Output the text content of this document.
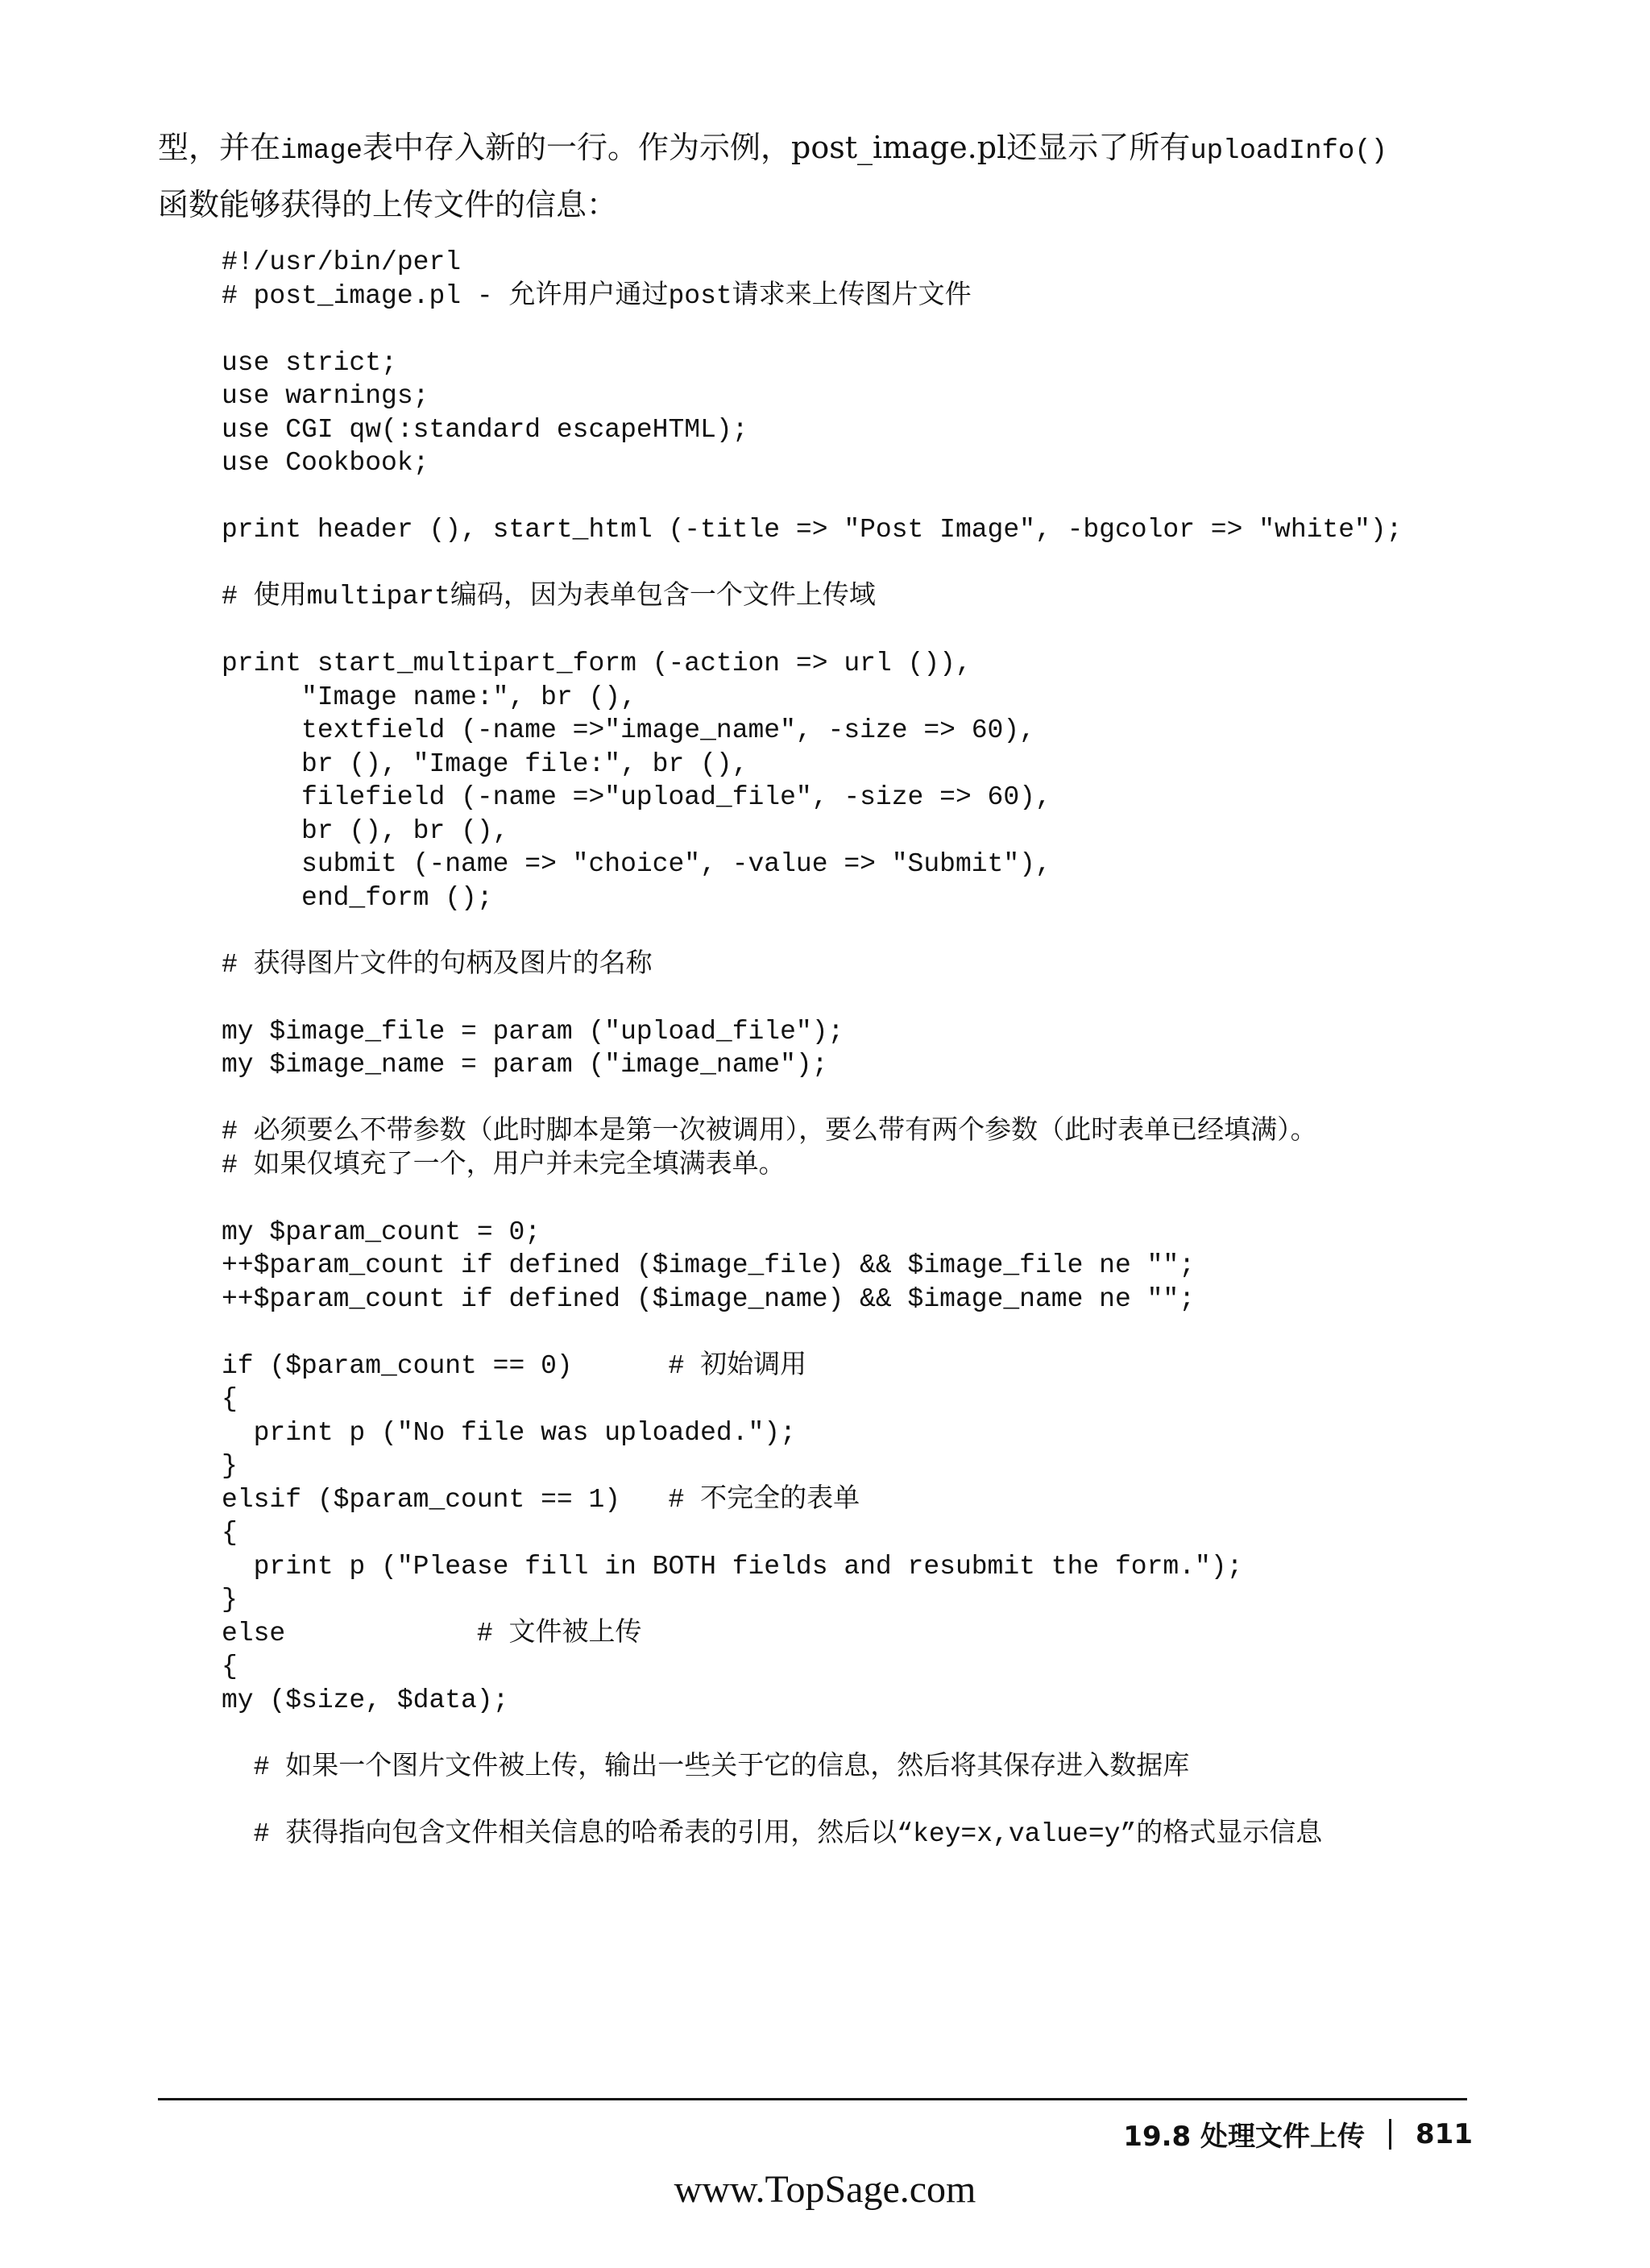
型，并在image表中存入新的一行。作为示例，post_image.pl还显示了所有uploadInfo()
函数能够获得的上传文件的信息：

#!/usr/bin/perl
# post_image.pl - 允许用户通过post请求来上传图片文件

use strict;
use warnings;
use CGI qw(:standard escapeHTML);
use Cookbook;

print header (), start_html (-title => "Post Image", -bgcolor => "white");

# 使用multipart编码，因为表单包含一个文件上传域

print start_multipart_form (-action => url ()),
"Image name:", br (),
textfield (-name =>"image_name", -size => 60),
br (), "Image file:", br (),
filefield (-name =>"upload_file", -size => 60),
br (), br (),
submit (-name => "choice", -value => "Submit"),
end_form ();

# 获得图片文件的句柄及图片的名称

my $image_file = param ("upload_file");
my $image_name = param ("image_name");

# 必须要么不带参数（此时脚本是第一次被调用），要么带有两个参数（此时表单已经填满）。
# 如果仅填充了一个，用户并未完全填满表单。

my $param_count = 0;
++$param_count if defined ($image_file) && $image_file ne "";
++$param_count if defined ($image_name) && $image_name ne "";

if ($param_count == 0)      # 初始调用
{
print p ("No file was uploaded.");
}
elsif ($param_count == 1)   # 不完全的表单
{
print p ("Please fill in BOTH fields and resubmit the form.");
}
else            # 文件被上传
{
my ($size, $data);

# 如果一个图片文件被上传，输出一些关于它的信息，然后将其保存进入数据库

# 获得指向包含文件相关信息的哈希表的引用，然后以“key=x,value=y”的格式显示信息

19.8 处理文件上传 811
www.TopSage.com
